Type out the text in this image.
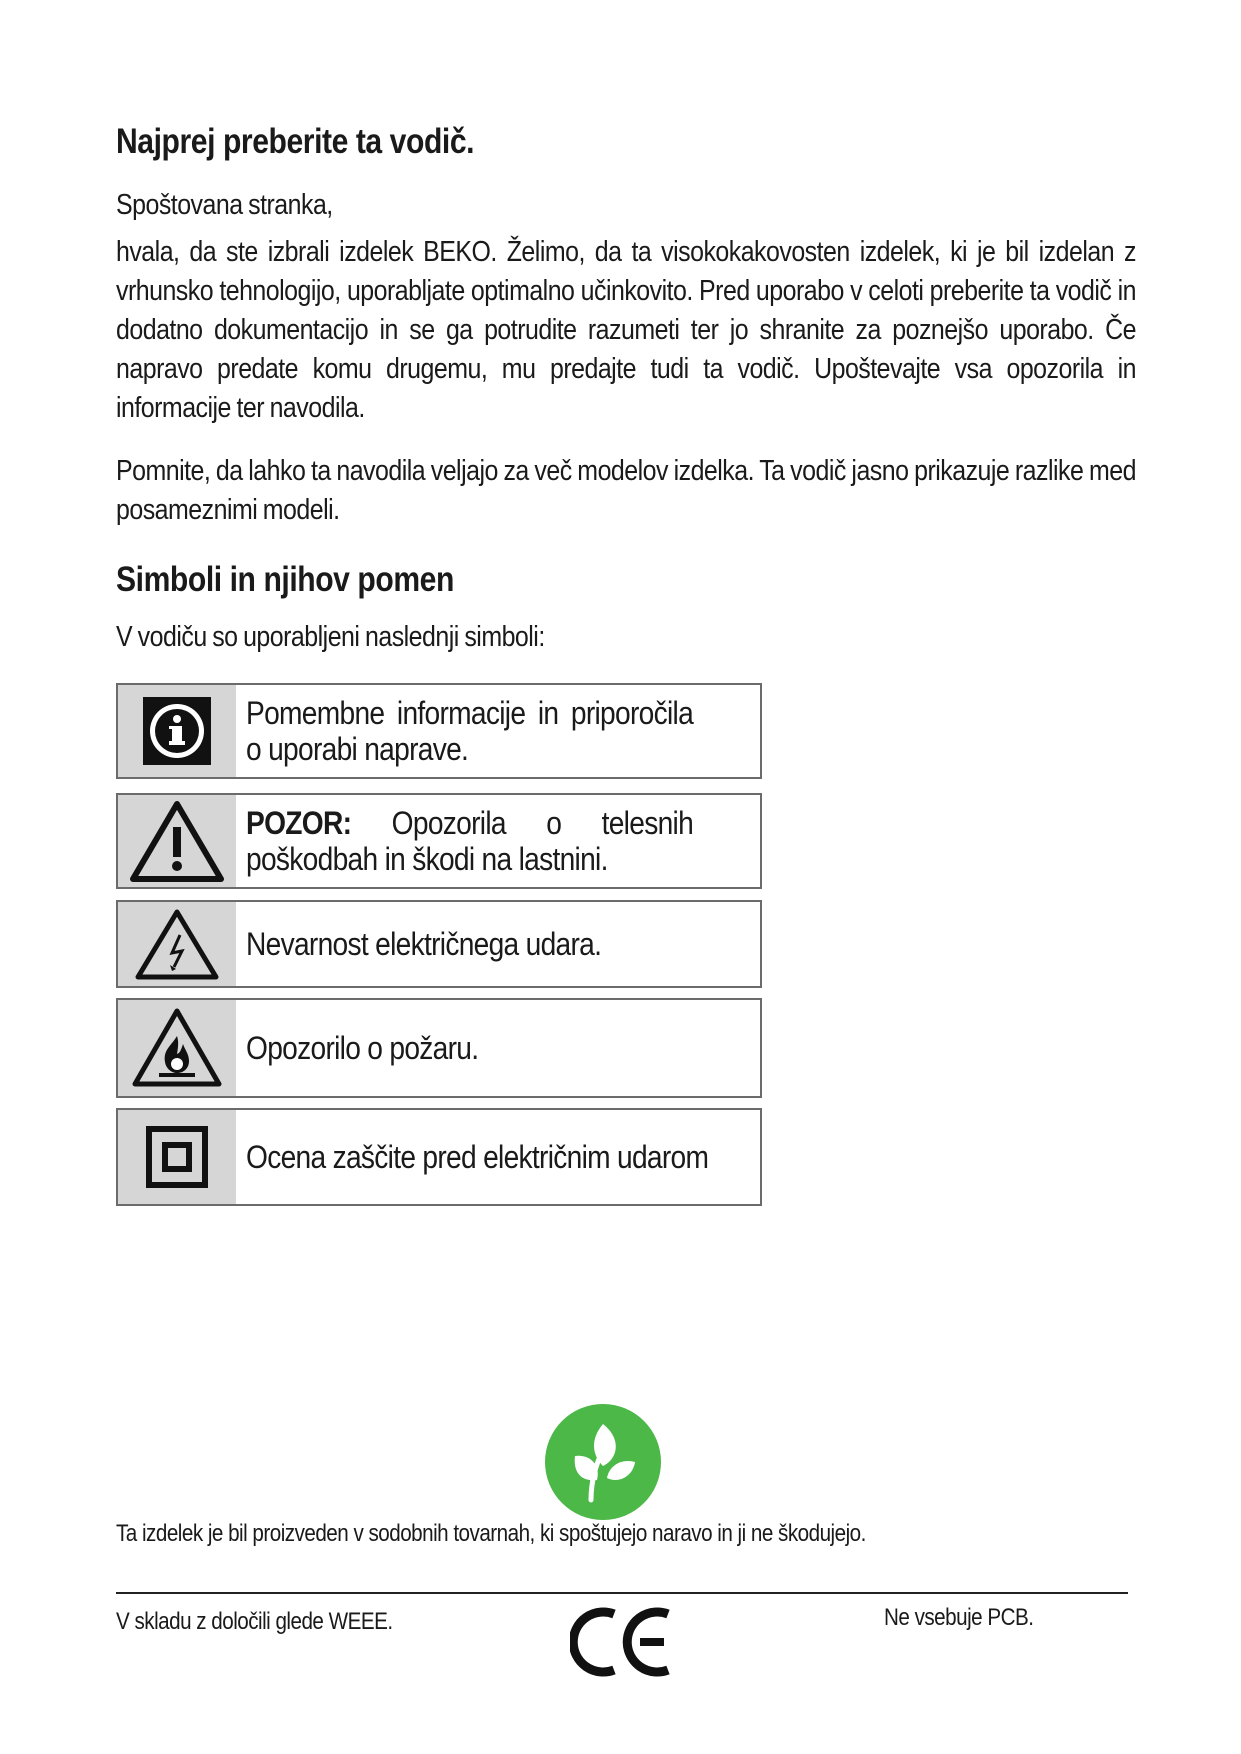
Najprej preberite ta vodič.
Spoštovana stranka,
hvala, da ste izbrali izdelek BEKO. Želimo, da ta visokokakovosten izdelek, ki je bil izdelan z vrhunsko tehnologijo, uporabljate optimalno učinkovito. Pred uporabo v celoti preberite ta vodič in dodatno dokumentacijo in se ga potrudite razumeti ter jo shranite za poznejšo uporabo. Če napravo predate komu drugemu, mu predajte tudi ta vodič. Upoštevajte vsa opozorila in informacije ter navodila.
Pomnite, da lahko ta navodila veljajo za več modelov izdelka. Ta vodič jasno prikazuje razlike med posameznimi modeli.
Simboli in njihov pomen
V vodiču so uporabljeni naslednji simboli:
Pomembne informacije in priporočila o uporabi naprave.
POZOR: Opozorila o telesnih poškodbah in škodi na lastnini.
Nevarnost električnega udara.
Opozorilo o požaru.
Ocena zaščite pred električnim udarom
Ta izdelek je bil proizveden v sodobnih tovarnah, ki spoštujejo naravo in ji ne škodujejo.
V skladu z določili glede WEEE.	Ne vsebuje PCB.
